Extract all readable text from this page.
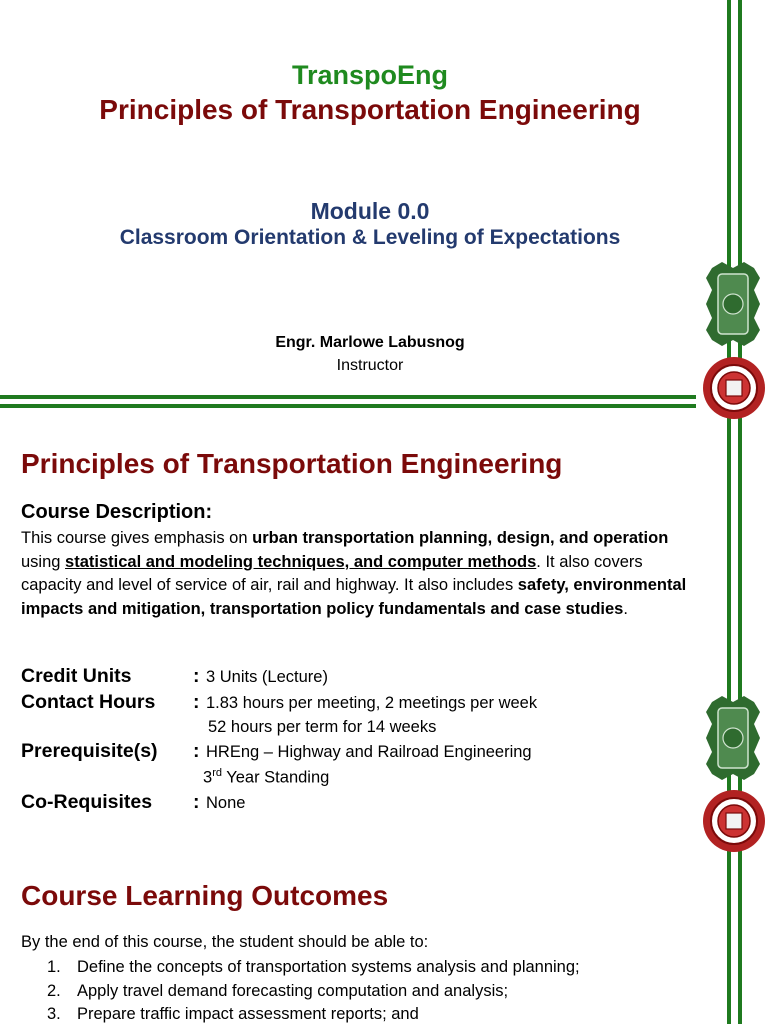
TranspoEng
Principles of Transportation Engineering
Module 0.0
Classroom Orientation & Leveling of Expectations
Engr. Marlowe Labusnog
Instructor
Principles of Transportation Engineering
Course Description:
This course gives emphasis on urban transportation planning, design, and operation using statistical and modeling techniques, and computer methods. It also covers capacity and level of service of air, rail and highway. It also includes safety, environmental impacts and mitigation, transportation policy fundamentals and case studies.
Credit Units	: 3 Units (Lecture)
Contact Hours : 1.83 hours per meeting, 2 meetings per week
52 hours per term for 14 weeks
Prerequisite(s) : HREng – Highway and Railroad Engineering
3rd Year Standing
Co-Requisites : None
Course Learning Outcomes
By the end of this course, the student should be able to:
1. Define the concepts of transportation systems analysis and planning;
2. Apply travel demand forecasting computation and analysis;
3. Prepare traffic impact assessment reports; and
